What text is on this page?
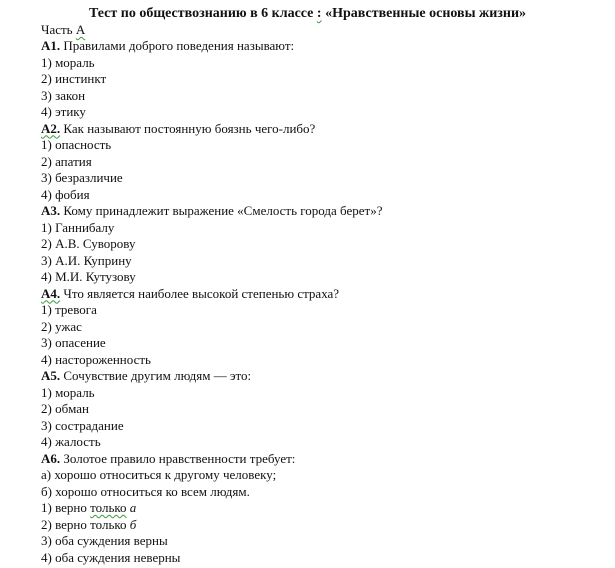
Тест по обществознанию в 6 классе : «Нравственные основы жизни»
Часть А
А1. Правилами доброго поведения называют:
1) мораль
2) инстинкт
3) закон
4) этику
А2. Как называют постоянную боязнь чего-либо?
1) опасность
2) апатия
3) безразличие
4) фобия
А3. Кому принадлежит выражение «Смелость города берет»?
1) Ганнибалу
2) А.В. Суворову
3) А.И. Куприну
4) М.И. Кутузову
А4. Что является наиболее высокой степенью страха?
1) тревога
2) ужас
3) опасение
4) настороженность
А5. Сочувствие другим людям — это:
1) мораль
2) обман
3) сострадание
4) жалость
А6. Золотое правило нравственности требует:
а) хорошо относиться к другому человеку;
б) хорошо относиться ко всем людям.
1) верно только а
2) верно только б
3) оба суждения верны
4) оба суждения неверны
